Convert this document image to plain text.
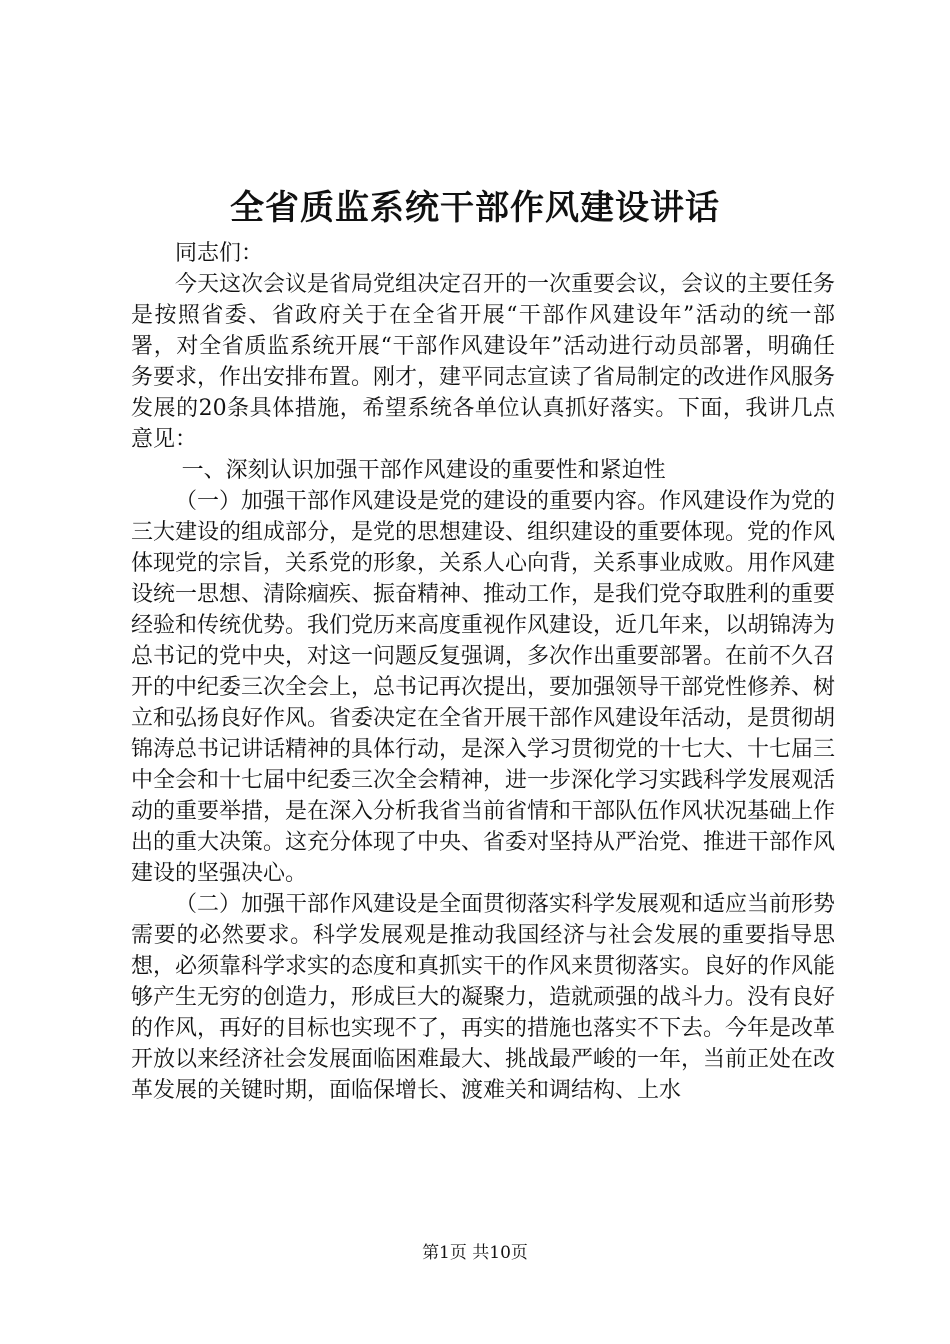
全省质监系统干部作风建设讲话

同志们：

今天这次会议是省局党组决定召开的一次重要会议，会议的主要任务是按照省委、省政府关于在全省开展“干部作风建设年”活动的统一部署，对全省质监系统开展“干部作风建设年”活动进行动员部署，明确任务要求，作出安排布置。刚才，建平同志宣读了省局制定的改进作风服务发展的20条具体措施，希望系统各单位认真抓好落实。下面，我讲几点意见：

一、深刻认识加强干部作风建设的重要性和紧迫性

（一）加强干部作风建设是党的建设的重要内容。作风建设作为党的三大建设的组成部分，是党的思想建设、组织建设的重要体现。党的作风体现党的宗旨，关系党的形象，关系人心向背，关系事业成败。用作风建设统一思想、清除痼疾、振奋精神、推动工作，是我们党夺取胜利的重要经验和传统优势。我们党历来高度重视作风建设，近几年来，以胡锦涛为总书记的党中央，对这一问题反复强调，多次作出重要部署。在前不久召开的中纪委三次全会上，总书记再次提出，要加强领导干部党性修养、树立和弘扬良好作风。省委决定在全省开展干部作风建设年活动，是贯彻胡锦涛总书记讲话精神的具体行动，是深入学习贯彻党的十七大、十七届三中全会和十七届中纪委三次全会精神，进一步深化学习实践科学发展观活动的重要举措，是在深入分析我省当前省情和干部队伍作风状况基础上作出的重大决策。这充分体现了中央、省委对坚持从严治党、推进干部作风建设的坚强决心。

（二）加强干部作风建设是全面贯彻落实科学发展观和适应当前形势需要的必然要求。科学发展观是推动我国经济与社会发展的重要指导思想，必须靠科学求实的态度和真抓实干的作风来贯彻落实。良好的作风能够产生无穷的创造力，形成巨大的凝聚力，造就顽强的战斗力。没有良好的作风，再好的目标也实现不了，再实的措施也落实不下去。今年是改革开放以来经济社会发展面临困难最大、挑战最严峻的一年，当前正处在改革发展的关键时期，面临保增长、渡难关和调结构、上水

第1页 共10页
